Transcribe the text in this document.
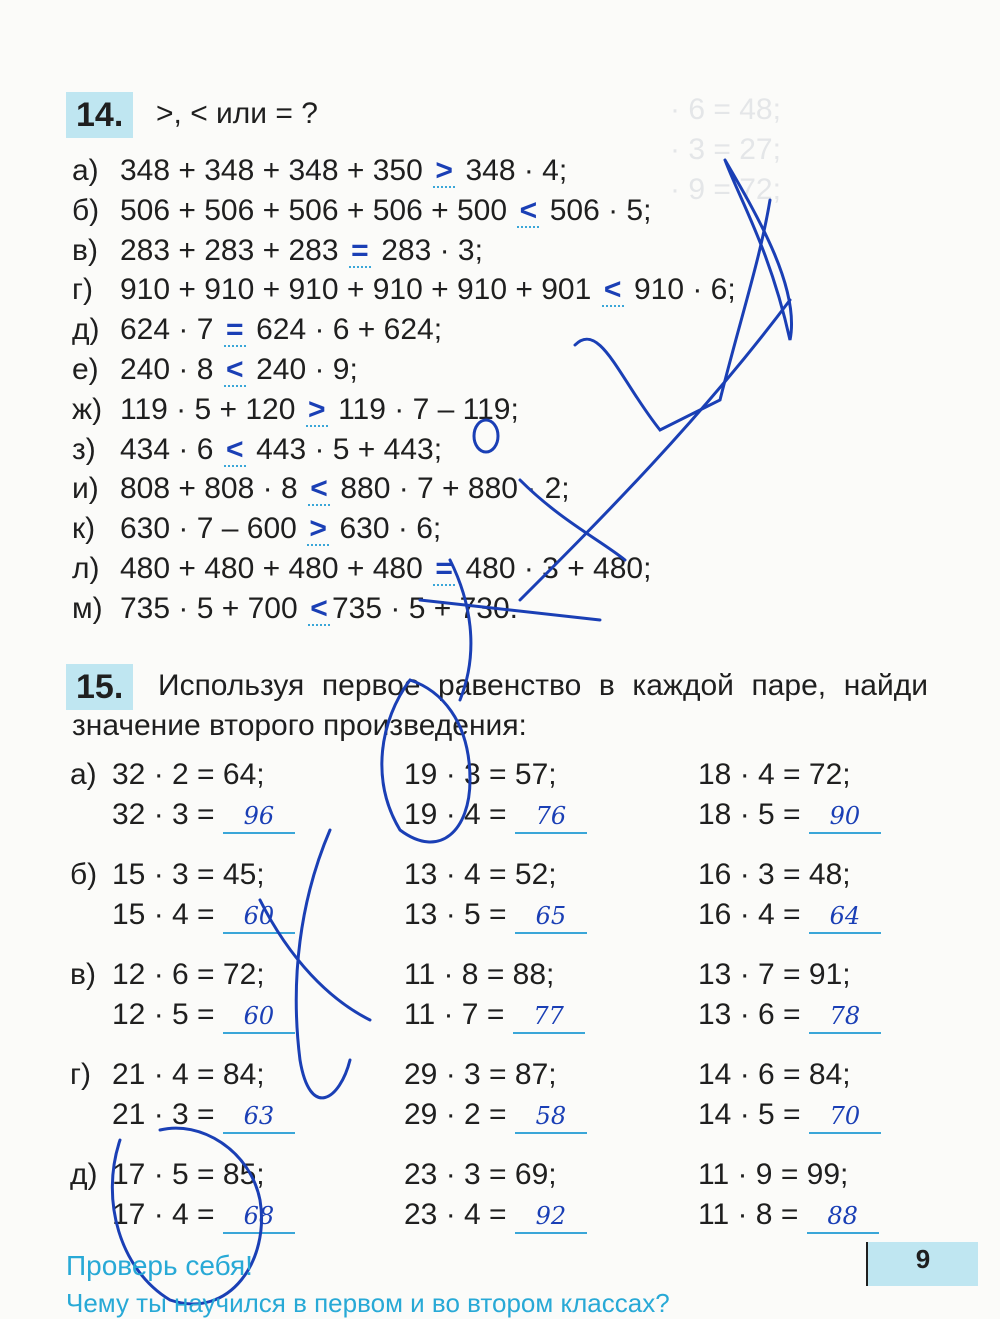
· 6 = 48;
· 3 = 27;
· 9 = 72;
14.	>, < или = ?
а) 348 + 348 + 348 + 350 > 348 · 4;
б) 506 + 506 + 506 + 506 + 500 < 506 · 5;
в) 283 + 283 + 283 = 283 · 3;
г) 910 + 910 + 910 + 910 + 910 + 901 < 910 · 6;
д) 624 · 7 = 624 · 6 + 624;
е) 240 · 8 < 240 · 9;
ж) 119 · 5 + 120 > 119 · 7 – 119;
з) 434 · 6 < 443 · 5 + 443;
и) 808 + 808 · 8 < 880 · 7 + 880 · 2;
к) 630 · 7 – 600 > 630 · 6;
л) 480 + 480 + 480 + 480 = 480 · 3 + 480;
м) 735 · 5 + 700 < 735 · 5 + 730.
15.	Используя первое равенство в каждой паре, найди значение второго произведения:
а) 32 · 2 = 64;
32 · 3 = 96
19 · 3 = 57;
19 · 4 = 76
18 · 4 = 72;
18 · 5 = 90
б) 15 · 3 = 45;
15 · 4 = 60
13 · 4 = 52;
13 · 5 = 65
16 · 3 = 48;
16 · 4 = 64
в) 12 · 6 = 72;
12 · 5 = 60
11 · 8 = 88;
11 · 7 = 77
13 · 7 = 91;
13 · 6 = 78
г) 21 · 4 = 84;
21 · 3 = 63
29 · 3 = 87;
29 · 2 = 58
14 · 6 = 84;
14 · 5 = 70
д) 17 · 5 = 85;
17 · 4 = 68
23 · 3 = 69;
23 · 4 = 92
11 · 9 = 99;
11 · 8 = 88
Проверь себя!
Чему ты научился в первом и во втором классах?
9
